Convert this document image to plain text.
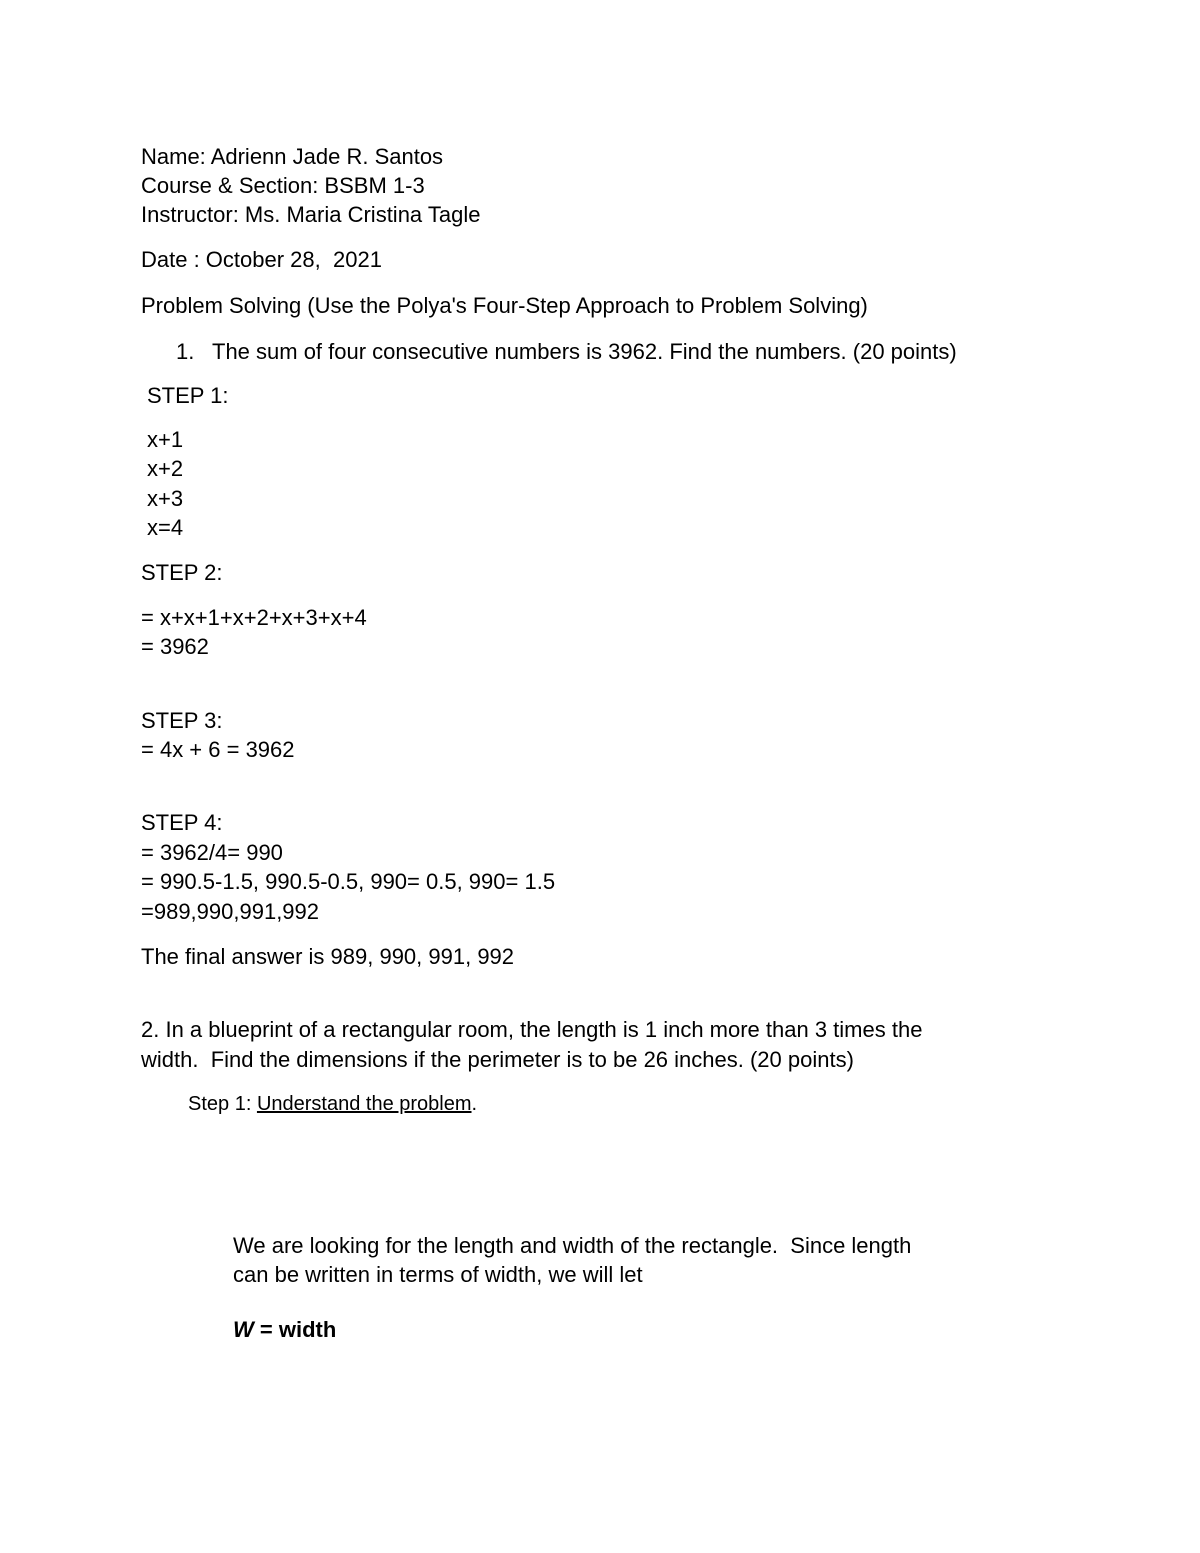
Name: Adrienn Jade R. Santos
Course & Section: BSBM 1-3
Instructor: Ms. Maria Cristina Tagle
Date : October 28,  2021
Problem Solving (Use the Polya's Four-Step Approach to Problem Solving)
1. The sum of four consecutive numbers is 3962. Find the numbers. (20 points)
STEP 1:
x+1
x+2
x+3
x=4
STEP 2:
= x+x+1+x+2+x+3+x+4
= 3962
STEP 3:
= 4x + 6 = 3962
STEP 4:
= 3962/4= 990
= 990.5-1.5, 990.5-0.5, 990= 0.5, 990= 1.5
=989,990,991,992
The final answer is 989, 990, 991, 992
2. In a blueprint of a rectangular room, the length is 1 inch more than 3 times the
width.  Find the dimensions if the perimeter is to be 26 inches. (20 points)
Step 1: Understand the problem.
We are looking for the length and width of the rectangle.  Since length
can be written in terms of width, we will let
W = width
